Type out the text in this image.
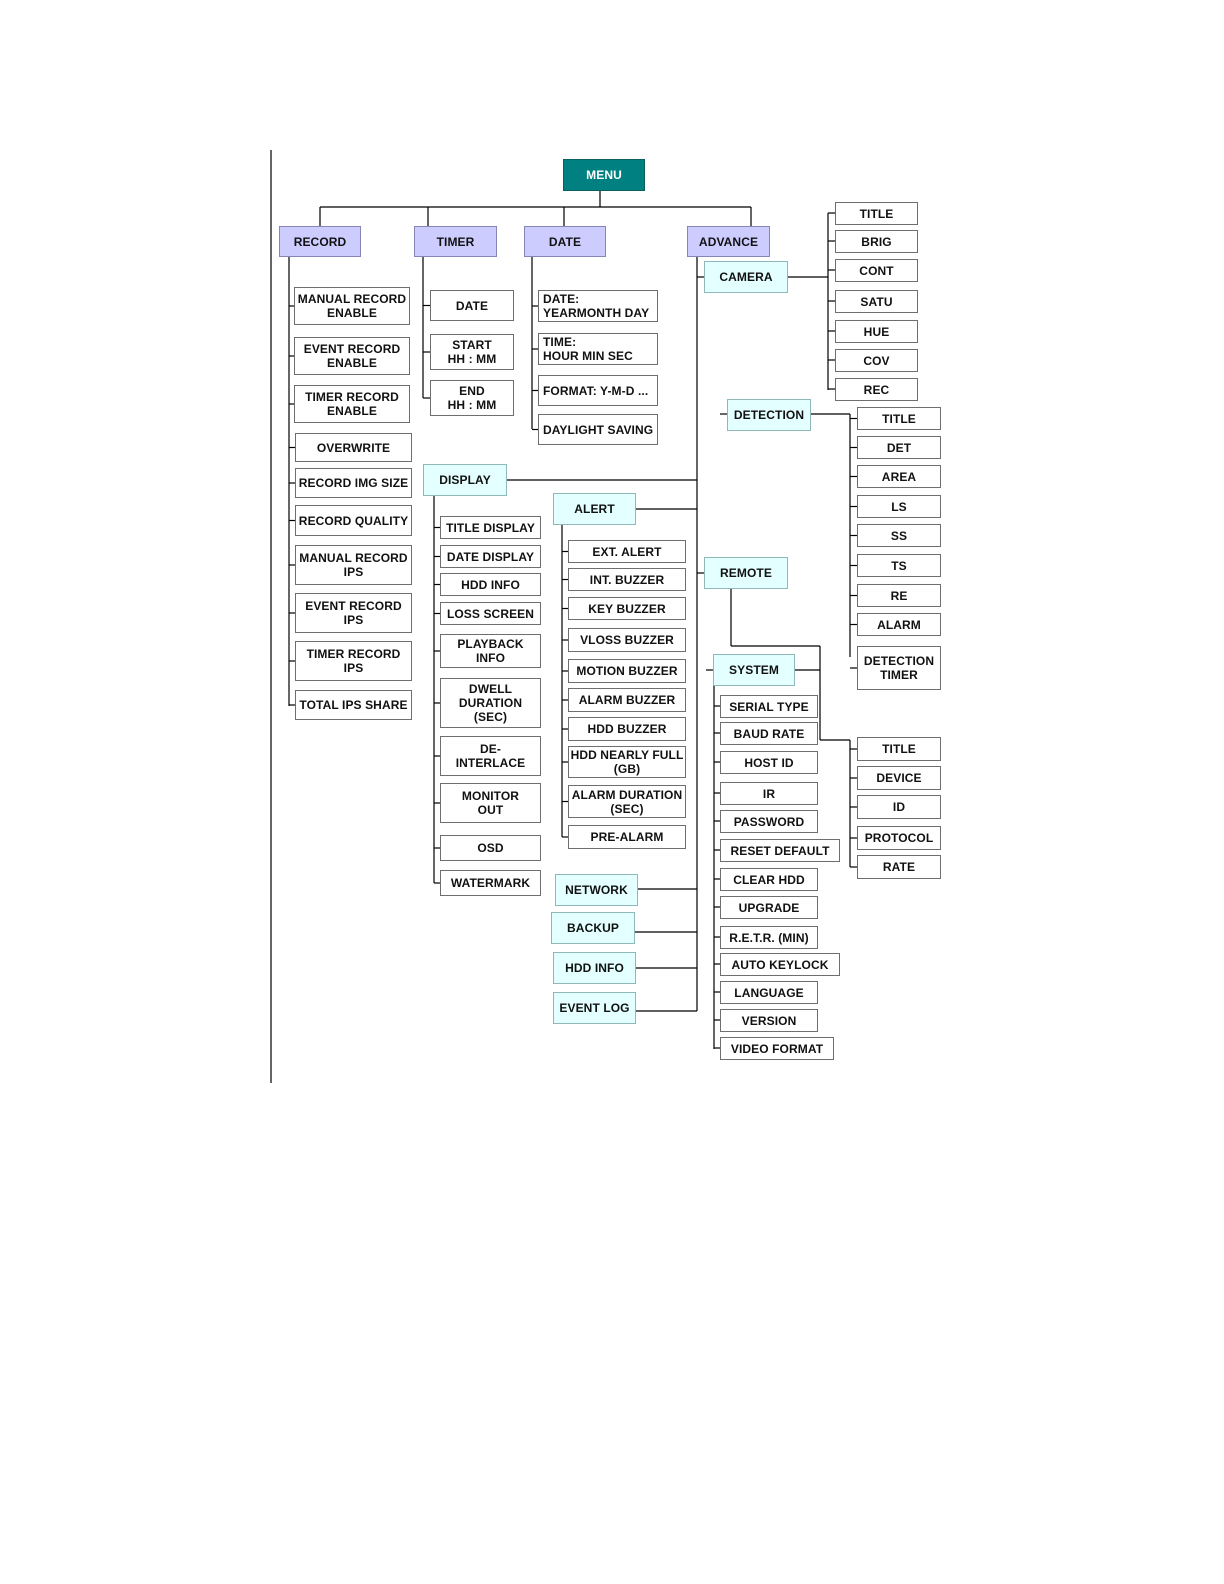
MENU
RECORD	TIMER	DATE	ADVANCE
MANUAL RECORD
ENABLE
EVENT RECORD
ENABLE
TIMER RECORD
ENABLE
OVERWRITE
RECORD IMG SIZE
RECORD QUALITY
MANUAL RECORD
IPS
EVENT RECORD
IPS
TIMER RECORD
IPS
TOTAL IPS SHARE
DATE
START
HH : MM
END
HH : MM
DATE:
YEARMONTH DAY
TIME:
HOUR MIN SEC
FORMAT: Y-M-D ...
DAYLIGHT SAVING
CAMERA
DETECTION
DISPLAY
ALERT
REMOTE
SYSTEM
NETWORK
BACKUP
HDD INFO
EVENT LOG
TITLE
BRIG
CONT
SATU
HUE
COV
REC
TITLE
DET
AREA
LS
SS
TS
RE
ALARM
DETECTION
TIMER
TITLE
DEVICE
ID
PROTOCOL
RATE
TITLE DISPLAY
DATE DISPLAY
HDD INFO
LOSS SCREEN
PLAYBACK
INFO
DWELL
DURATION
(SEC)
DE-
INTERLACE
MONITOR
OUT
OSD
WATERMARK
EXT. ALERT
INT. BUZZER
KEY BUZZER
VLOSS BUZZER
MOTION BUZZER
ALARM BUZZER
HDD BUZZER
HDD NEARLY FULL
(GB)
ALARM DURATION
(SEC)
PRE-ALARM
SERIAL TYPE
BAUD RATE
HOST ID
IR
PASSWORD
RESET DEFAULT
CLEAR HDD
UPGRADE
R.E.T.R. (MIN)
AUTO KEYLOCK
LANGUAGE
VERSION
VIDEO FORMAT
